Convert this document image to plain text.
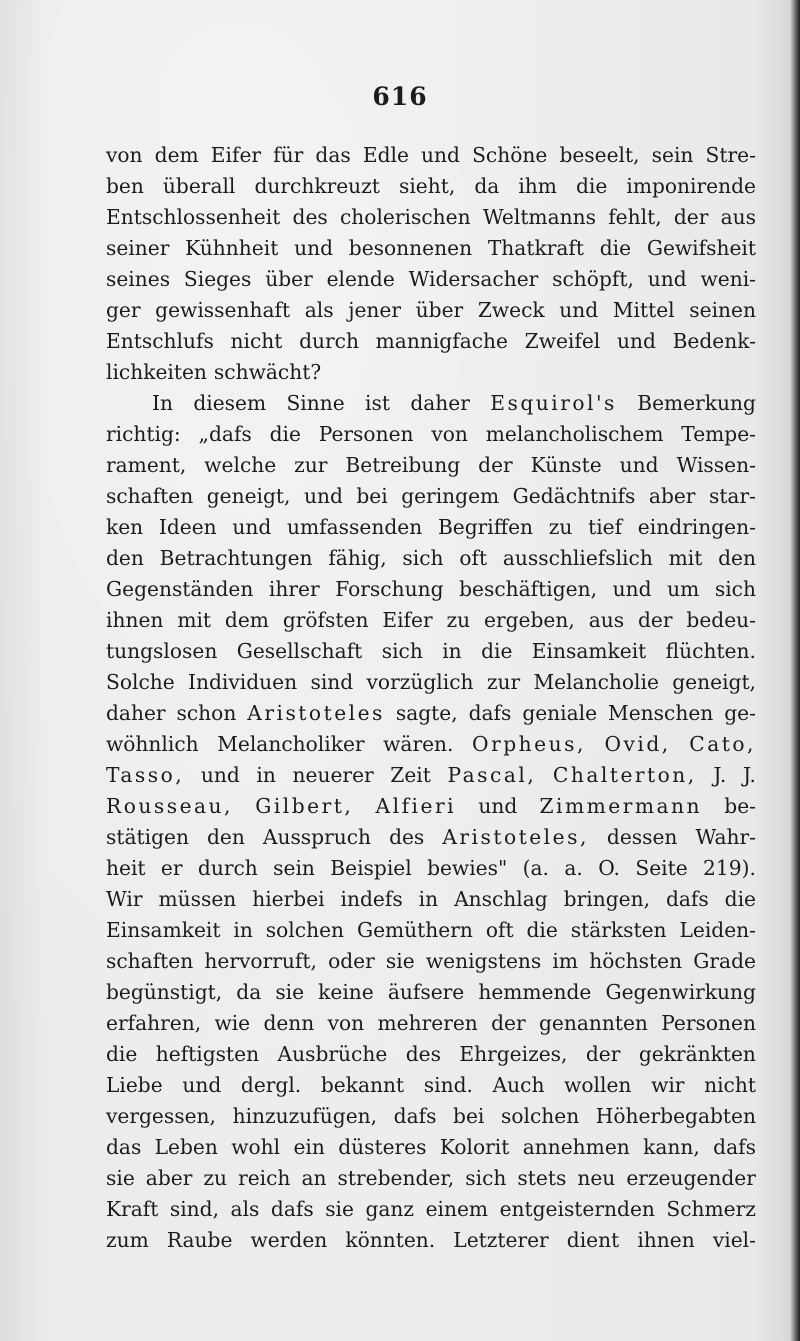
616
von dem Eifer für das Edle und Schöne beseelt, sein Stre-
ben überall durchkreuzt sieht, da ihm die imponirende
Entschlossenheit des cholerischen Weltmanns fehlt, der aus
seiner Kühnheit und besonnenen Thatkraft die Gewifsheit
seines Sieges über elende Widersacher schöpft, und weni-
ger gewissenhaft als jener über Zweck und Mittel seinen
Entschlufs nicht durch mannigfache Zweifel und Bedenk-
lichkeiten schwächt?
In diesem Sinne ist daher Esquirol's Bemerkung
richtig: „dafs die Personen von melancholischem Tempe-
rament, welche zur Betreibung der Künste und Wissen-
schaften geneigt, und bei geringem Gedächtnifs aber star-
ken Ideen und umfassenden Begriffen zu tief eindringen-
den Betrachtungen fähig, sich oft ausschliefslich mit den
Gegenständen ihrer Forschung beschäftigen, und um sich
ihnen mit dem gröfsten Eifer zu ergeben, aus der bedeu-
tungslosen Gesellschaft sich in die Einsamkeit flüchten.
Solche Individuen sind vorzüglich zur Melancholie geneigt,
daher schon Aristoteles sagte, dafs geniale Menschen ge-
wöhnlich Melancholiker wären. Orpheus, Ovid, Cato,
Tasso, und in neuerer Zeit Pascal, Chalterton, J. J.
Rousseau, Gilbert, Alfieri und Zimmermann be-
stätigen den Ausspruch des Aristoteles, dessen Wahr-
heit er durch sein Beispiel bewies" (a. a. O. Seite 219).
Wir müssen hierbei indefs in Anschlag bringen, dafs die
Einsamkeit in solchen Gemüthern oft die stärksten Leiden-
schaften hervorruft, oder sie wenigstens im höchsten Grade
begünstigt, da sie keine äufsere hemmende Gegenwirkung
erfahren, wie denn von mehreren der genannten Personen
die heftigsten Ausbrüche des Ehrgeizes, der gekränkten
Liebe und dergl. bekannt sind. Auch wollen wir nicht
vergessen, hinzuzufügen, dafs bei solchen Höherbegabten
das Leben wohl ein düsteres Kolorit annehmen kann, dafs
sie aber zu reich an strebender, sich stets neu erzeugender
Kraft sind, als dafs sie ganz einem entgeisternden Schmerz
zum Raube werden könnten. Letzterer dient ihnen viel-
